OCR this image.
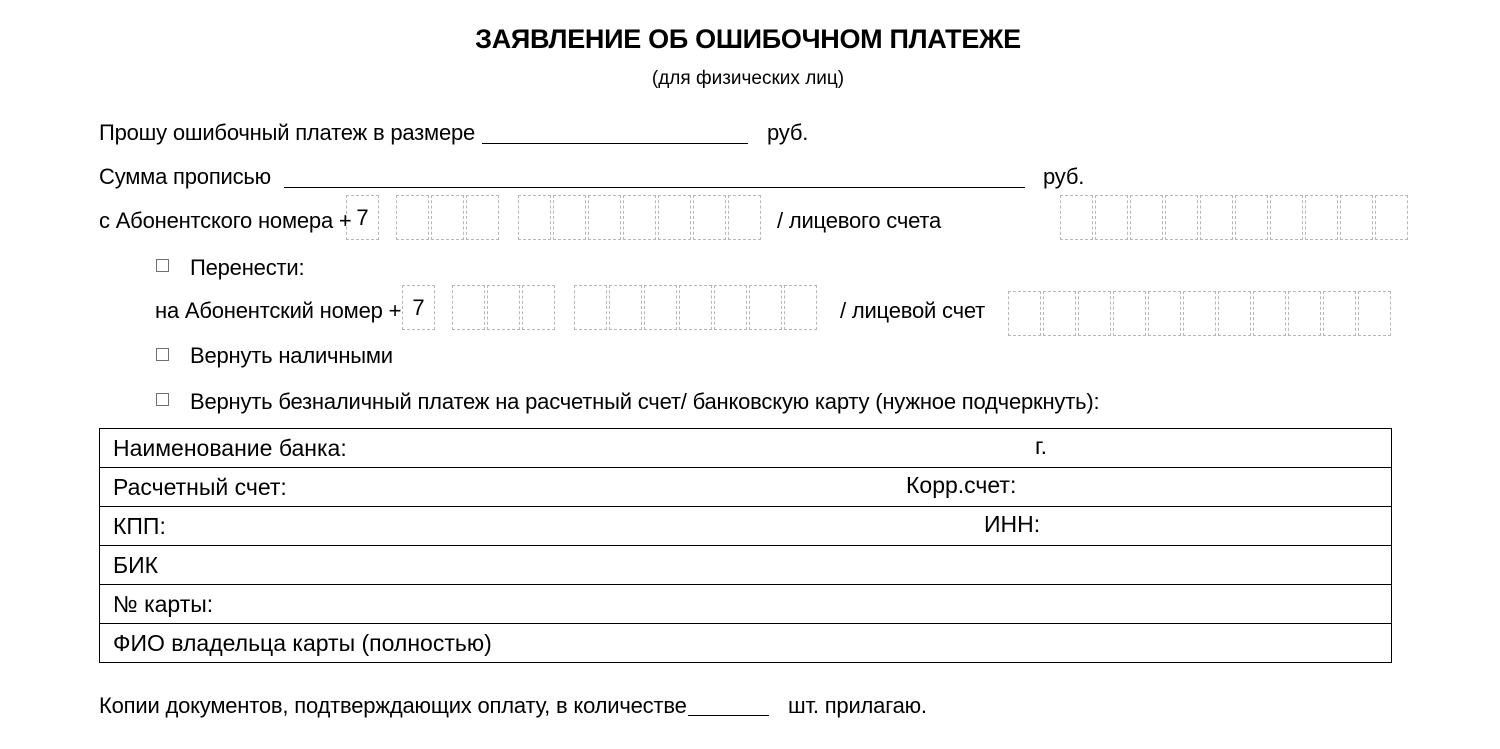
ЗАЯВЛЕНИЕ ОБ ОШИБОЧНОМ ПЛАТЕЖЕ
(для физических лиц)
Прошу ошибочный платеж в размере	руб.
Сумма прописью	руб.
с Абонентского номера + 7	/ лицевого счета
Перенести:
на Абонентский номер + 7	/ лицевой счет
Вернуть наличными
Вернуть безналичный платеж на расчетный счет/ банковскую карту (нужное подчеркнуть):
Наименование банка:	г.

Расчетный счет:	Корр.счет:

КПП:	ИНН:

БИК
№ карты:
ФИО владельца карты (полностью)
Копии документов, подтверждающих оплату, в количестве	шт. прилагаю.
